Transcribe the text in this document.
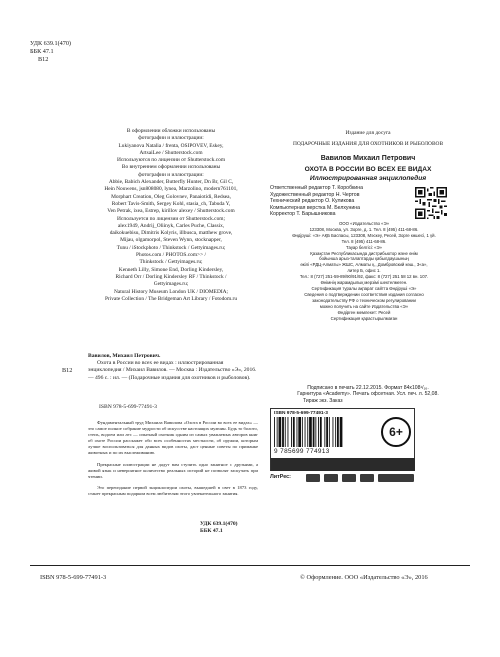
УДК 639.1(470)
ББК 47.1
В12
В оформлении обложки использованы
фотографии и иллюстрации:
Lukiyanova Natalia / frenta, OSIPOVEV, Eskey,
ArtsaiLee / Shutterstock.com
Используются по лицензии от Shutterstock.com
Во внутреннем оформлении использованы
фотографии и иллюстрации:
Abbie, Babich Alexander, Butterfly Hunter, Dn Br, Gil C,
Hein Nouwens, jsn808080, lynea, Marzolino, modern761101,
Morphart Creation, Oleg Golovnev, Panaiotidi, Redsea,
Robert Tavis-Smith, Sergey Kohl, stasia_ch, Tabuda Y,
Ven Petrak, ixea, Estrep, kirillov alexey / Shutterstock.com
Используется по лицензии от Shutterstock.com;
alex1949, Andrij_Oliinyk, Carles Puche, Classix,
daikokuebisu, Dimitris Kolyris, illbusca, matthew grove,
Mijau, olgamorpol, Steven Wynn, stocknapper,
Tunu / iStockphoto / Thinkstock / Gettyimages.ru;
Photos.com / PHOTOS.com>> /
Thinkstock / Gettyimages.ru;
Kenneth Lilly, Simone End, Dorling Kindersley,
Richard Orr / Dorling Kindersley RF / Thinkstock /
Gettyimages.ru;
Natural History Museum London UK / DIOMEDIA;
Private Collection / The Bridgeman Art Library / Fotodom.ru
Издание для досуга
ПОДАРОЧНЫЕ ИЗДАНИЯ ДЛЯ ОХОТНИКОВ И РЫБОЛОВОВ
Вавилов Михаил Петрович
ОХОТА В РОССИИ ВО ВСЕХ ЕЕ ВИДАХ
Иллюстрированная энциклопедия
Ответственный редактор Т. Коробкина
Художественный редактор Н. Чертов
Технический редактор О. Куликова
Компьютерная верстка М. Белхунина
Корректор Т. Барышникова
ООО «Издательство «Э»
123308, Москва, ул. Зорге, д. 1. Тел. 8 (495) 411-68-86.
Өндіруші: «Э» АҚБ Баспасы, 123308, Мәскеу, Ресей, Зорге көшесі, 1 үй.
Тел. 8 (495) 411-68-86.
Тауар белгісі: «Э»
Қазақстан Республикасында дистрибьютор және өнім
бойынша арыз-талаптарды қабылдаушының
өкілі «РДЦ-Алматы» ЖШС, Алматы қ., Домбровский көш., 3«а»,
литер Б, офис 1.
Тел.: 8 (727) 251-59-89/90/91/92, факс: 8 (727) 251 58 12 вн. 107.
Өнімнің жарамдылық мерзімі шектелмеген.
Сертификация туралы ақпарат сайтта Өндіруші «Э»
Сведения о подтверждении соответствия издания согласно
законодательству РФ о техническом регулировании
можно получить на сайте Издательства «Э»
Өндірген мемлекет: Ресей
Сертификация қарастырылмаған
Подписано в печать 22.12.2015. Формат 84x108¹/₁₆.
Гарнитура «Academy». Печать офсетная. Усл. печ. л. 52,08.
Тираж экз. Заказ
ISBN 978-5-699-77491-3
9 785699 774913
6+
ЛитРес:
В12
Вавилов, Михаил Петрович.
Охота в России во всех ее видах : иллюстрированная энциклопедия / Михаил Вавилов. — Москва : Издательство «Э», 2016. — 496 с. : ил. — (Подарочные издания для охотников и рыболовов).
ISBN 978-5-699-77491-3

Фундаментальный труд Михаила Вавилова «Охота в России во всех ее видах» — это самое полное собрание мудрости об искусстве настоящих мужчин. Будь то болото, степь, водоем или лес — опытный охотник одним из самых уважаемых авторов книг об охоте России расскажет обо всех особенностях местности, об оружии, которым лучше воспользоваться для данных видов охоты, даст ценные советы по приманке животных и по их выслеживанию.

Прекрасные иллюстрации не дадут вам ступить одно занятное с друзьями, а живой язык и невероятное количество реальных историй не позволят заскучать при чтении.

Это переиздание первой энциклопедии охоты, вышедшей в свет в 1873 году, станет прекрасным подарком всем любителям этого увлекательного занятия.

УДК 639.1(470)
ББК 47.1
ISBN 978-5-699-77491-3	© Оформление. ООО «Издательство «Э», 2016
